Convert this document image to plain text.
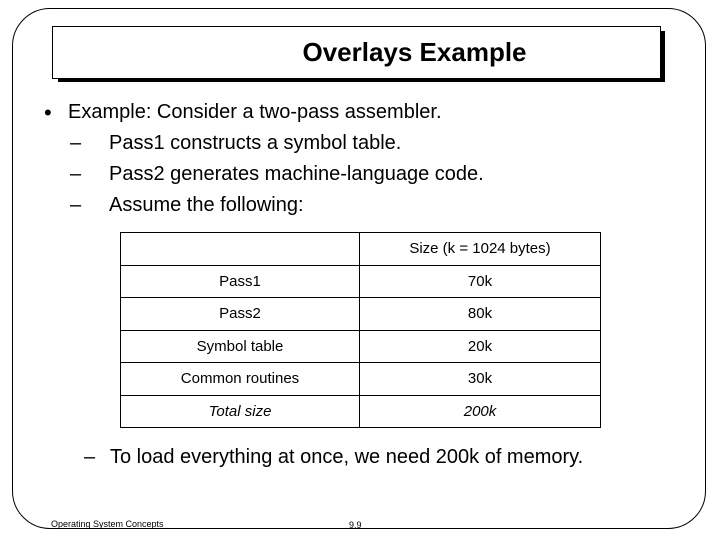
Overlays Example
• Example: Consider a two-pass assembler.
– Pass1 constructs a symbol table.
– Pass2 generates machine-language code.
– Assume the following:
	Size (k = 1024 bytes)
Pass1	70k
Pass2	80k
Symbol table	20k
Common routines	30k
Total size	200k
– To load everything at once, we need 200k of memory.
Operating System Concepts	9.9
